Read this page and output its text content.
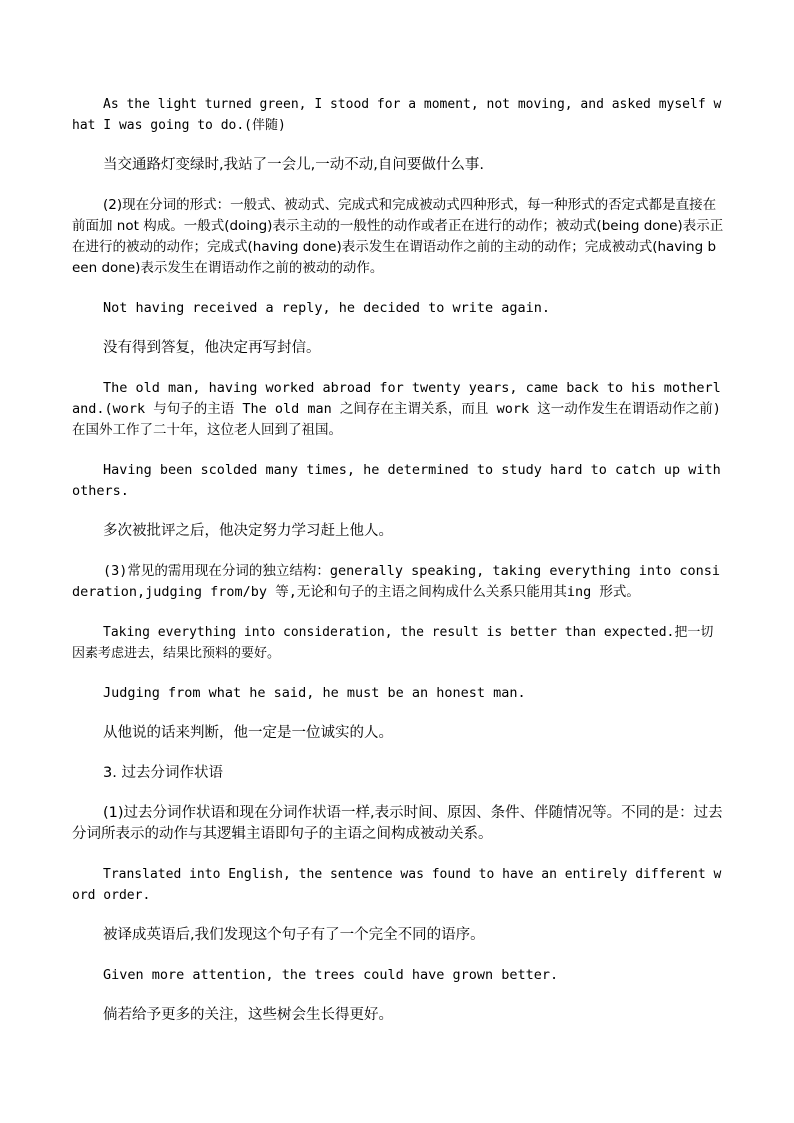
As the light turned green, I stood for a moment, not moving, and asked myself what I was going to do.(伴随)

当交通路灯变绿时,我站了一会儿,一动不动,自问要做什么事.

(2)现在分词的形式：一般式、被动式、完成式和完成被动式四种形式，每一种形式的否定式都是直接在前面加 not 构成。一般式(doing)表示主动的一般性的动作或者正在进行的动作；被动式(being done)表示正在进行的被动的动作；完成式(having done)表示发生在谓语动作之前的主动的动作；完成被动式(having been done)表示发生在谓语动作之前的被动的动作。

Not having received a reply, he decided to write again.

没有得到答复，他决定再写封信。

The old man, having worked abroad for twenty years, came back to his motherland.(work 与句子的主语 The old man 之间存在主谓关系，而且 work 这一动作发生在谓语动作之前)在国外工作了二十年，这位老人回到了祖国。

Having been scolded many times, he determined to study hard to catch up with others.

多次被批评之后，他决定努力学习赶上他人。

(3)常见的需用现在分词的独立结构：generally speaking, taking everything into consideration,judging from/by 等,无论和句子的主语之间构成什么关系只能用其ing 形式。

Taking everything into consideration, the result is better than expected.把一切因素考虑进去，结果比预料的要好。

Judging from what he said, he must be an honest man.

从他说的话来判断，他一定是一位诚实的人。

3. 过去分词作状语

(1)过去分词作状语和现在分词作状语一样,表示时间、原因、条件、伴随情况等。不同的是：过去分词所表示的动作与其逻辑主语即句子的主语之间构成被动关系。

Translated into English, the sentence was found to have an entirely different word order.

被译成英语后,我们发现这个句子有了一个完全不同的语序。

Given more attention, the trees could have grown better.

倘若给予更多的关注，这些树会生长得更好。
